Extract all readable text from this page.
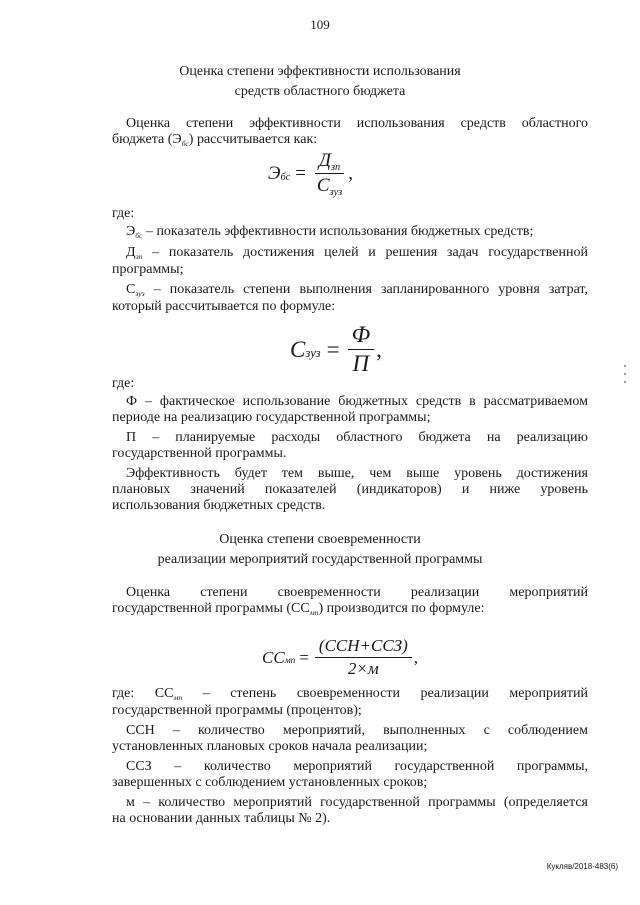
109
Оценка степени эффективности использования
средств областного бюджета
Оценка степени эффективности использования средств областного
бюджета (Эбс) рассчитывается как:
Э бс = $\frac{\text{Дзп}}{\text{Сзуз}}$ ,
где:
Эбс – показатель эффективности использования бюджетных средств;
Дзп – показатель достижения целей и решения задач государственной
программы;
Сзуз – показатель степени выполнения запланированного уровня затрат,
который рассчитывается по формуле:
С зуз = $\frac{Ф}{П}$ ,
где:
Ф – фактическое использование бюджетных средств в рассматриваемом
периоде на реализацию государственной программы;
П – планируемые расходы областного бюджета на реализацию
государственной программы.
Эффективность будет тем выше, чем выше уровень достижения
плановых значений показателей (индикаторов) и ниже уровень
использования бюджетных средств.
Оценка степени своевременности
реализации мероприятий государственной программы
Оценка степени своевременности реализации мероприятий
государственной программы (ССмп) производится по формуле:
СС мп = $\frac{\text{(ССН+ССЗ)}}{2\times м}$ ,
где: ССмп – степень своевременности реализации мероприятий
государственной программы (процентов);
ССН – количество мероприятий, выполненных с соблюдением
установленных плановых сроков начала реализации;
ССЗ – количество мероприятий государственной программы,
завершенных с соблюдением установленных сроков;
м – количество мероприятий государственной программы (определяется
на основании данных таблицы № 2).
Кукляв/2018-483(6)
